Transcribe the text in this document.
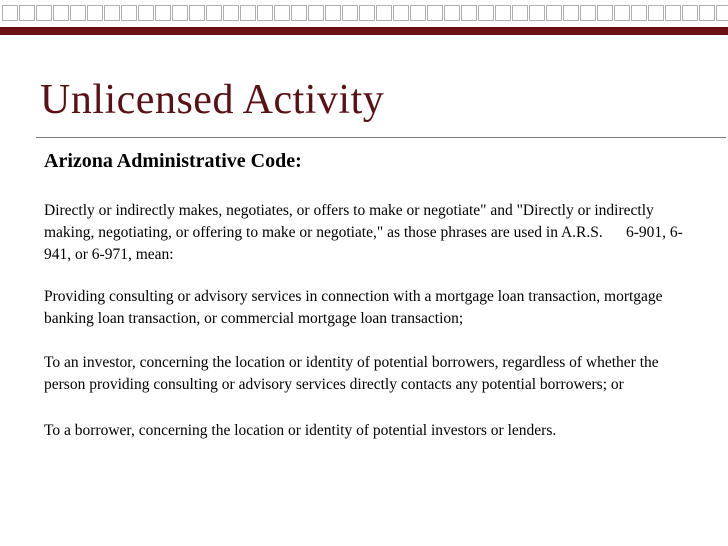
Unlicensed Activity
Arizona Administrative Code:
Directly or indirectly makes, negotiates, or offers to make or negotiate" and "Directly or indirectly making, negotiating, or offering to make or negotiate," as those phrases are used in A.R.S.      6-901, 6-941, or 6-971, mean:
Providing consulting or advisory services in connection with a mortgage loan transaction, mortgage banking loan transaction, or commercial mortgage loan transaction;
To an investor, concerning the location or identity of potential borrowers, regardless of whether the person providing consulting or advisory services directly contacts any potential borrowers; or
To a borrower, concerning the location or identity of potential investors or lenders.
